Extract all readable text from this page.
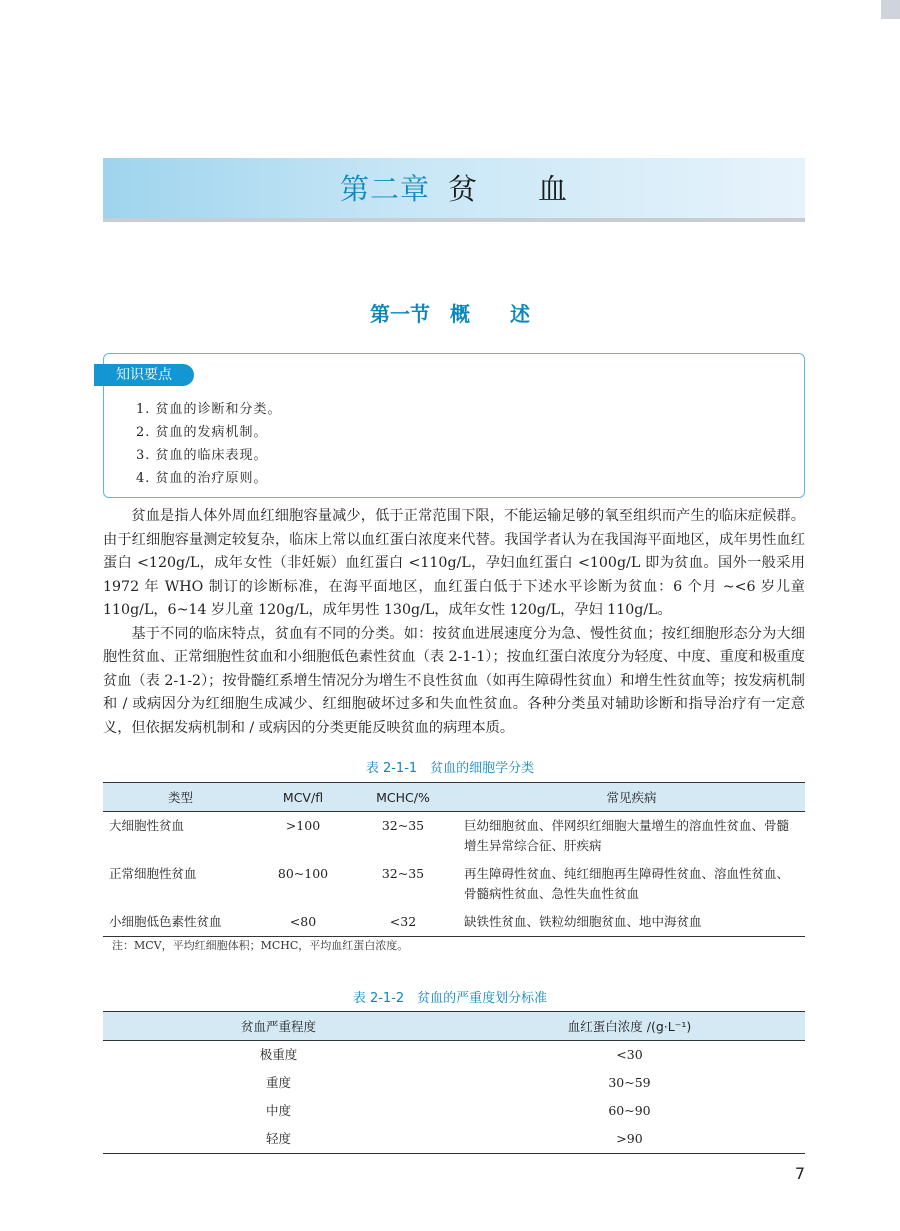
第二章 贫　　血
第一节　概　　述
知识要点
1. 贫血的诊断和分类。
2. 贫血的发病机制。
3. 贫血的临床表现。
4. 贫血的治疗原则。

贫血是指人体外周血红细胞容量减少，低于正常范围下限，不能运输足够的氧至组织而产生的临床症候群。由于红细胞容量测定较复杂，临床上常以血红蛋白浓度来代替。我国学者认为在我国海平面地区，成年男性血红蛋白 <120g/L，成年女性（非妊娠）血红蛋白 <110g/L，孕妇血红蛋白 <100g/L 即为贫血。国外一般采用 1972 年 WHO 制订的诊断标准，在海平面地区，血红蛋白低于下述水平诊断为贫血：6 个月 ~<6 岁儿童 110g/L，6~14 岁儿童 120g/L，成年男性 130g/L，成年女性 120g/L，孕妇 110g/L。

基于不同的临床特点，贫血有不同的分类。如：按贫血进展速度分为急、慢性贫血；按红细胞形态分为大细胞性贫血、正常细胞性贫血和小细胞低色素性贫血（表 2-1-1）；按血红蛋白浓度分为轻度、中度、重度和极重度贫血（表 2-1-2）；按骨髓红系增生情况分为增生不良性贫血（如再生障碍性贫血）和增生性贫血等；按发病机制和 / 或病因分为红细胞生成减少、红细胞破坏过多和失血性贫血。各种分类虽对辅助诊断和指导治疗有一定意义，但依据发病机制和 / 或病因的分类更能反映贫血的病理本质。

表 2-1-1　贫血的细胞学分类
类型	MCV/fl	MCHC/%	常见疾病
大细胞性贫血	>100	32~35	巨幼细胞贫血、伴网织红细胞大量增生的溶血性贫血、骨髓增生异常综合征、肝疾病
正常细胞性贫血	80~100	32~35	再生障碍性贫血、纯红细胞再生障碍性贫血、溶血性贫血、骨髓病性贫血、急性失血性贫血
小细胞低色素性贫血	<80	<32	缺铁性贫血、铁粒幼细胞贫血、地中海贫血
注：MCV，平均红细胞体积；MCHC，平均血红蛋白浓度。
表 2-1-2　贫血的严重度划分标准
贫血严重程度	血红蛋白浓度 /(g·L⁻¹)
极重度	<30
重度	30~59
中度	60~90
轻度	>90
7
